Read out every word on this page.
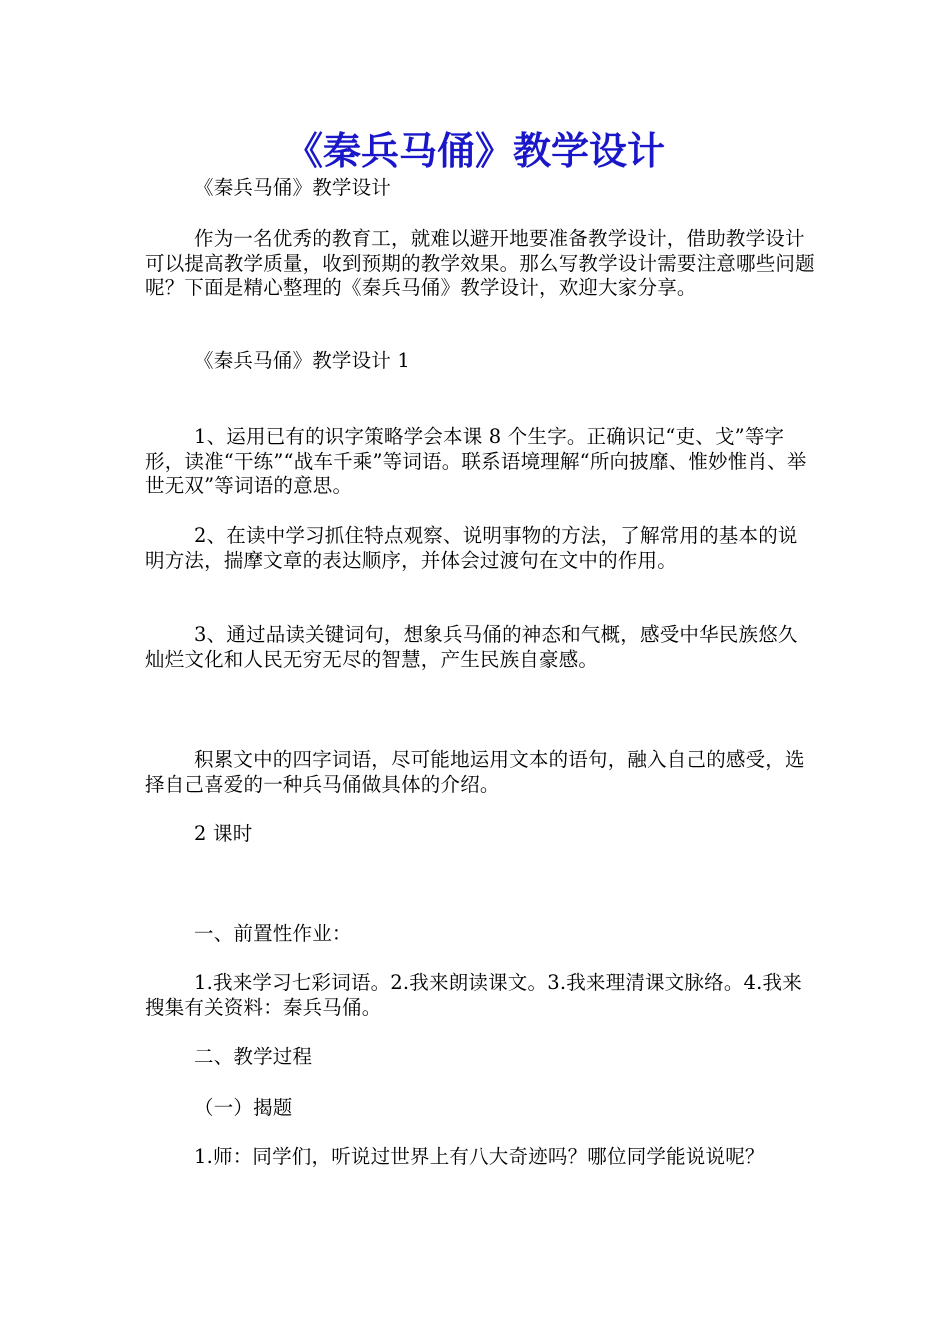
《秦兵马俑》教学设计

《秦兵马俑》教学设计

作为一名优秀的教育工，就难以避开地要准备教学设计，借助教学设计可以提高教学质量，收到预期的教学效果。那么写教学设计需要注意哪些问题呢？下面是精心整理的《秦兵马俑》教学设计，欢迎大家分享。

《秦兵马俑》教学设计 1

1、运用已有的识字策略学会本课 8 个生字。正确识记“吏、戈”等字形，读准“干练”“战车千乘”等词语。联系语境理解“所向披靡、惟妙惟肖、举世无双”等词语的意思。

2、在读中学习抓住特点观察、说明事物的方法，了解常用的基本的说明方法，揣摩文章的表达顺序，并体会过渡句在文中的作用。

3、通过品读关键词句，想象兵马俑的神态和气概，感受中华民族悠久灿烂文化和人民无穷无尽的智慧，产生民族自豪感。

积累文中的四字词语，尽可能地运用文本的语句，融入自己的感受，选择自己喜爱的一种兵马俑做具体的介绍。

2 课时

一、前置性作业：

1.我来学习七彩词语。2.我来朗读课文。3.我来理清课文脉络。4.我来搜集有关资料：秦兵马俑。

二、教学过程

（一）揭题

1.师：同学们，听说过世界上有八大奇迹吗？哪位同学能说说呢？
